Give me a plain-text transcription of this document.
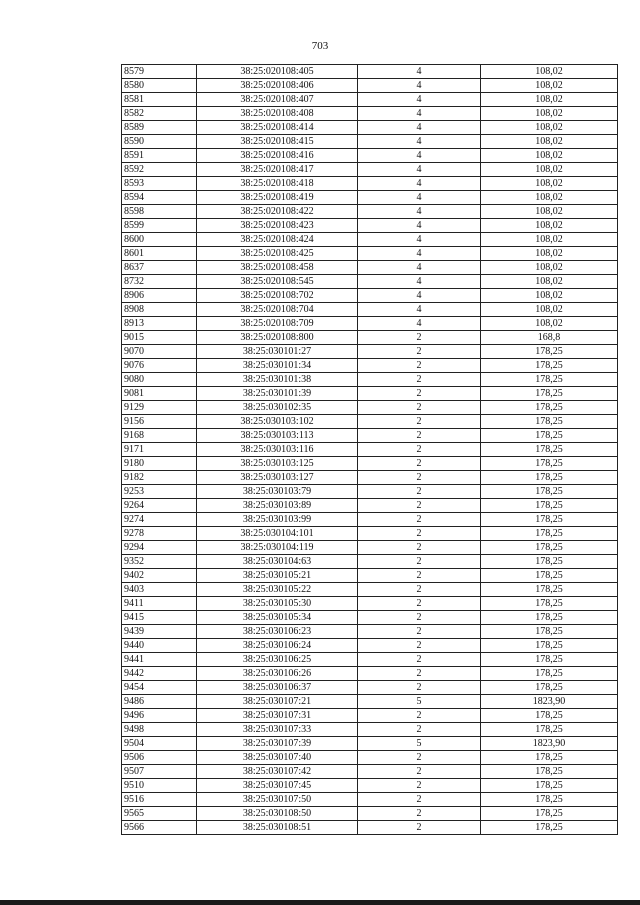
703
8579	38:25:020108:405	4	108,02
8580	38:25:020108:406	4	108,02
8581	38:25:020108:407	4	108,02
8582	38:25:020108:408	4	108,02
8589	38:25:020108:414	4	108,02
8590	38:25:020108:415	4	108,02
8591	38:25:020108:416	4	108,02
8592	38:25:020108:417	4	108,02
8593	38:25:020108:418	4	108,02
8594	38:25:020108:419	4	108,02
8598	38:25:020108:422	4	108,02
8599	38:25:020108:423	4	108,02
8600	38:25:020108:424	4	108,02
8601	38:25:020108:425	4	108,02
8637	38:25:020108:458	4	108,02
8732	38:25:020108:545	4	108,02
8906	38:25:020108:702	4	108,02
8908	38:25:020108:704	4	108,02
8913	38:25:020108:709	4	108,02
9015	38:25:020108:800	2	168,8
9070	38:25:030101:27	2	178,25
9076	38:25:030101:34	2	178,25
9080	38:25:030101:38	2	178,25
9081	38:25:030101:39	2	178,25
9129	38:25:030102:35	2	178,25
9156	38:25:030103:102	2	178,25
9168	38:25:030103:113	2	178,25
9171	38:25:030103:116	2	178,25
9180	38:25:030103:125	2	178,25
9182	38:25:030103:127	2	178,25
9253	38:25:030103:79	2	178,25
9264	38:25:030103:89	2	178,25
9274	38:25:030103:99	2	178,25
9278	38:25:030104:101	2	178,25
9294	38:25:030104:119	2	178,25
9352	38:25:030104:63	2	178,25
9402	38:25:030105:21	2	178,25
9403	38:25:030105:22	2	178,25
9411	38:25:030105:30	2	178,25
9415	38:25:030105:34	2	178,25
9439	38:25:030106:23	2	178,25
9440	38:25:030106:24	2	178,25
9441	38:25:030106:25	2	178,25
9442	38:25:030106:26	2	178,25
9454	38:25:030106:37	2	178,25
9486	38:25:030107:21	5	1823,90
9496	38:25:030107:31	2	178,25
9498	38:25:030107:33	2	178,25
9504	38:25:030107:39	5	1823,90
9506	38:25:030107:40	2	178,25
9507	38:25:030107:42	2	178,25
9510	38:25:030107:45	2	178,25
9516	38:25:030107:50	2	178,25
9565	38:25:030108:50	2	178,25
9566	38:25:030108:51	2	178,25
